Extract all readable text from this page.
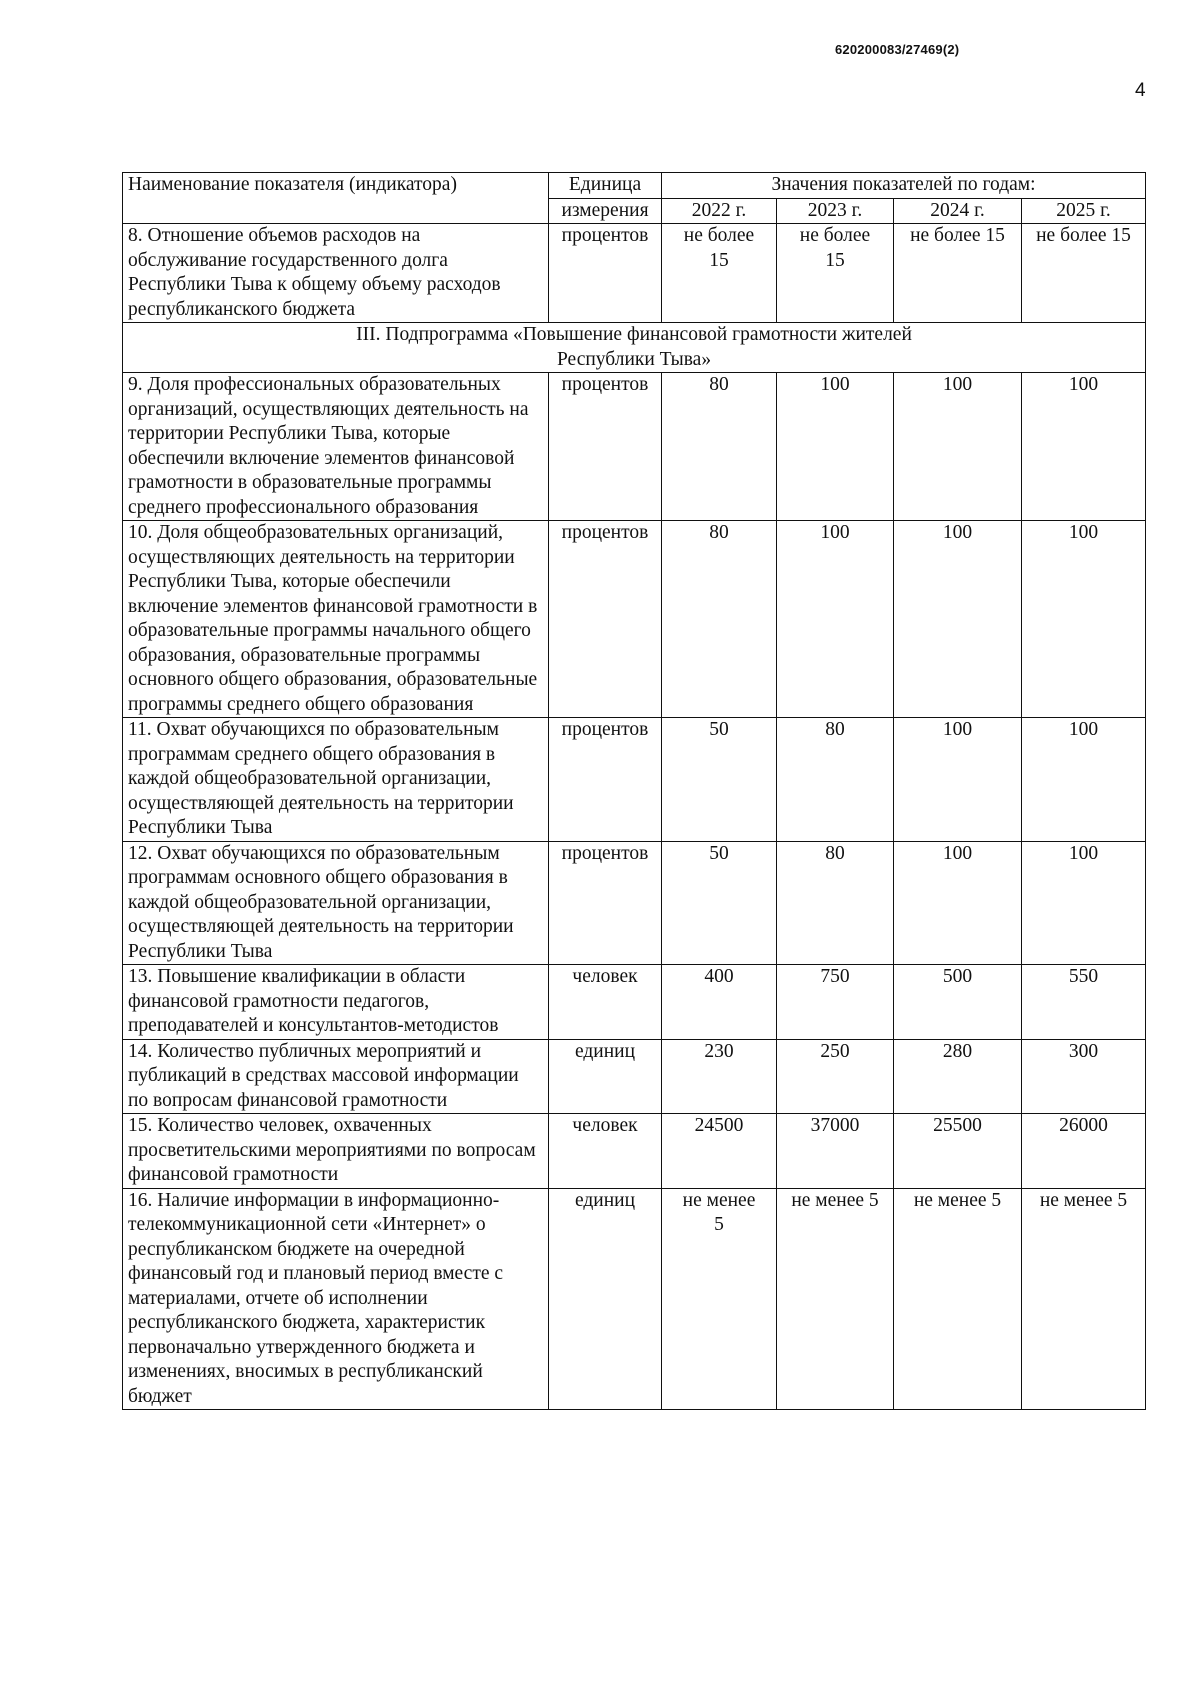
620200083/27469(2)
4
Наименование показателя (индикатора)	Единица	Значения показателей по годам:			
	измерения	2022 г.	2023 г.	2024 г.	2025 г.
8. Отношение объемов расходов на обслуживание государственного долга Республики Тыва к общему объему расходов республиканского бюджета	процентов	не более 15	не более 15	не более 15	не более 15
III. Подпрограмма «Повышение финансовой грамотности жителей Республики Тыва»					
9. Доля профессиональных образовательных организаций, осуществляющих деятельность на территории Республики Тыва, которые обеспечили включение элементов финансовой грамотности в образовательные программы среднего профессионального образования	процентов	80	100	100	100
10. Доля общеобразовательных организаций, осуществляющих деятельность на территории Республики Тыва, которые обеспечили включение элементов финансовой грамотности в образовательные программы начального общего образования, образовательные программы основного общего образования, образовательные программы среднего общего образования	процентов	80	100	100	100
11. Охват обучающихся по образовательным программам среднего общего образования в каждой общеобразовательной организации, осуществляющей деятельность на территории Республики Тыва	процентов	50	80	100	100
12. Охват обучающихся по образовательным программам основного общего образования в каждой общеобразовательной организации, осуществляющей деятельность на территории Республики Тыва	процентов	50	80	100	100
13. Повышение квалификации в области финансовой грамотности педагогов, преподавателей и консультантов-методистов	человек	400	750	500	550
14. Количество публичных мероприятий и публикаций в средствах массовой информации по вопросам финансовой грамотности	единиц	230	250	280	300
15. Количество человек, охваченных просветительскими мероприятиями по вопросам финансовой грамотности	человек	24500	37000	25500	26000
16. Наличие информации в информационно-телекоммуникационной сети «Интернет» о республиканском бюджете на очередной финансовый год и плановый период вместе с материалами, отчете об исполнении республиканского бюджета, характеристик первоначально утвержденного бюджета и изменениях, вносимых в республиканский бюджет	единиц	не менее 5	не менее 5	не менее 5	не менее 5
